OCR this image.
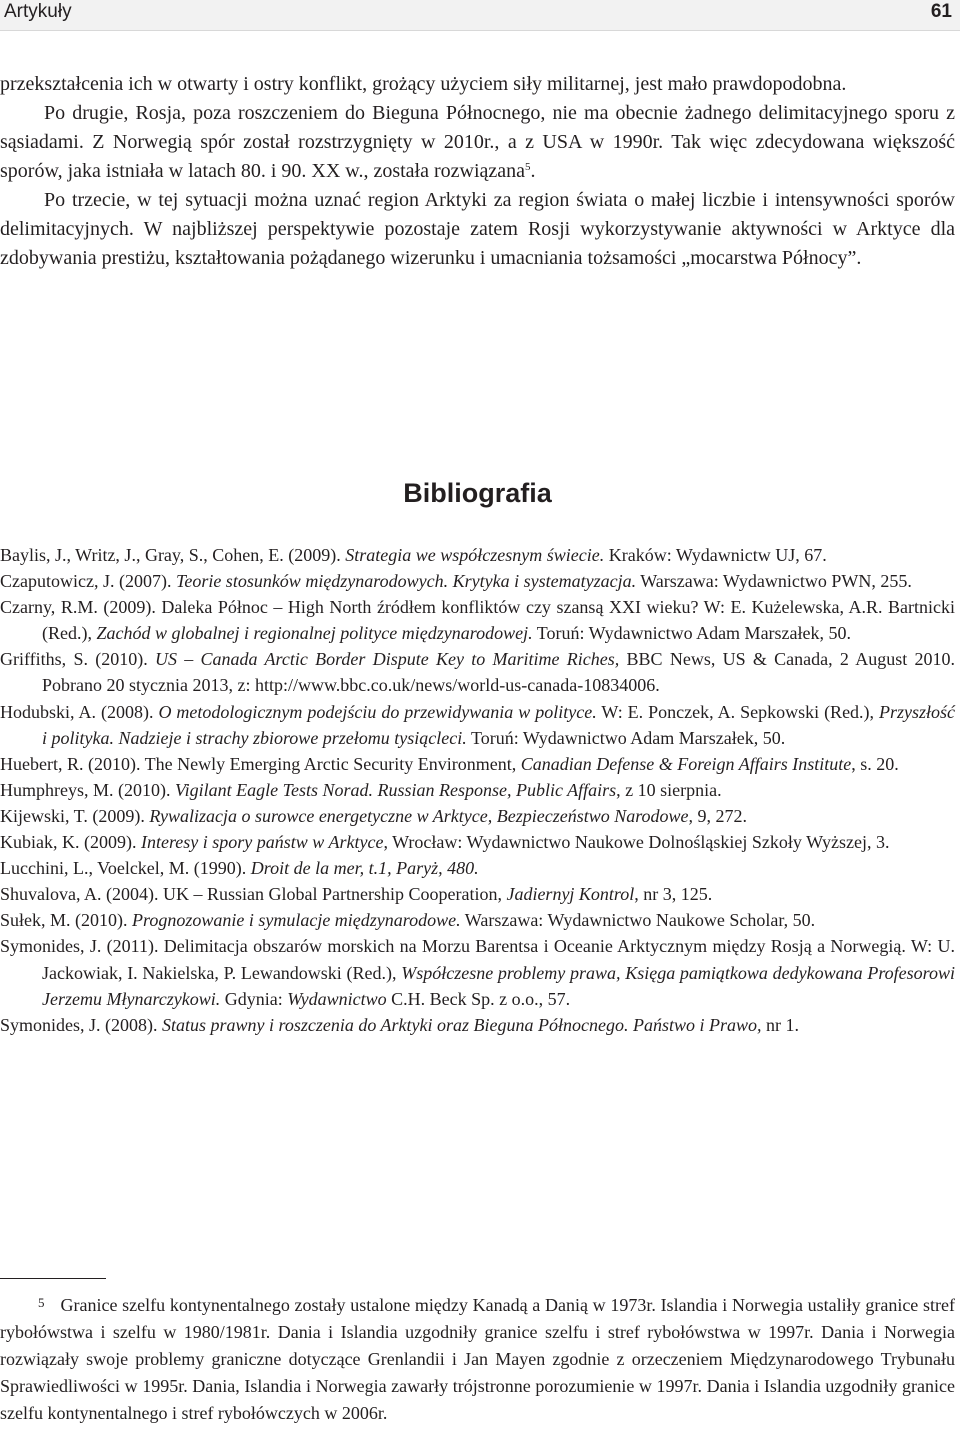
Artykuły	61

przekształcenia ich w otwarty i ostry konflikt, grożący użyciem siły militarnej, jest mało prawdopodobna.

Po drugie, Rosja, poza roszczeniem do Bieguna Północnego, nie ma obecnie żadnego delimitacyjnego sporu z sąsiadami. Z Norwegią spór został rozstrzygnięty w 2010r., a z USA w 1990r. Tak więc zdecydowana większość sporów, jaka istniała w latach 80. i 90. XX w., została rozwiązana$^5$.

Po trzecie, w tej sytuacji można uznać region Arktyki za region świata o małej liczbie i intensywności sporów delimitacyjnych. W najbliższej perspektywie pozostaje zatem Rosji wykorzystywanie aktywności w Arktyce dla zdobywania prestiżu, kształtowania pożądanego wizerunku i umacniania tożsamości „mocarstwa Północy”.

Bibliografia
Baylis, J., Writz, J., Gray, S., Cohen, E. (2009). Strategia we współczesnym świecie. Kraków: Wydawnictw UJ, 67.
Czaputowicz, J. (2007). Teorie stosunków międzynarodowych. Krytyka i systematyzacja. Warszawa: Wydawnictwo PWN, 255.
Czarny, R.M. (2009). Daleka Północ – High North źródłem konfliktów czy szansą XXI wieku? W: E. Kużelewska, A.R. Bartnicki (Red.), Zachód w globalnej i regionalnej polityce międzynarodowej. Toruń: Wydawnictwo Adam Marszałek, 50.
Griffiths, S. (2010). US – Canada Arctic Border Dispute Key to Maritime Riches, BBC News, US & Canada, 2 August 2010. Pobrano 20 stycznia 2013, z: http://www.bbc.co.uk/news/world-us-canada-10834006.
Hodubski, A. (2008). O metodologicznym podejściu do przewidywania w polityce. W: E. Ponczek, A. Sepkowski (Red.), Przyszłość i polityka. Nadzieje i strachy zbiorowe przełomu tysiącleci. Toruń: Wydawnictwo Adam Marszałek, 50.
Huebert, R. (2010). The Newly Emerging Arctic Security Environment, Canadian Defense & Foreign Affairs Institute, s. 20.
Humphreys, M. (2010). Vigilant Eagle Tests Norad. Russian Response, Public Affairs, z 10 sierpnia.
Kijewski, T. (2009). Rywalizacja o surowce energetyczne w Arktyce, Bezpieczeństwo Narodowe, 9, 272.
Kubiak, K. (2009). Interesy i spory państw w Arktyce, Wrocław: Wydawnictwo Naukowe Dolnośląskiej Szkoły Wyższej, 3.
Lucchini, L., Voelckel, M. (1990). Droit de la mer, t.1, Paryż, 480.
Shuvalova, A. (2004). UK – Russian Global Partnership Cooperation, Jadiernyj Kontrol, nr 3, 125.
Sułek, M. (2010). Prognozowanie i symulacje międzynarodowe. Warszawa: Wydawnictwo Naukowe Scholar, 50.
Symonides, J. (2011). Delimitacja obszarów morskich na Morzu Barentsa i Oceanie Arktycznym między Rosją a Norwegią. W: U. Jackowiak, I. Nakielska, P. Lewandowski (Red.), Współczesne problemy prawa, Księga pamiątkowa dedykowana Profesorowi Jerzemu Młynarczykowi. Gdynia: Wydawnictwo C.H. Beck Sp. z o.o., 57.
Symonides, J. (2008). Status prawny i roszczenia do Arktyki oraz Bieguna Północnego. Państwo i Prawo, nr 1.

$^5$ Granice szelfu kontynentalnego zostały ustalone między Kanadą a Danią w 1973r. Islandia i Norwegia ustaliły granice stref rybołówstwa i szelfu w 1980/1981r. Dania i Islandia uzgodniły granice szelfu i stref rybołówstwa w 1997r. Dania i Norwegia rozwiązały swoje problemy graniczne dotyczące Grenlandii i Jan Mayen zgodnie z orzeczeniem Międzynarodowego Trybunału Sprawiedliwości w 1995r. Dania, Islandia i Norwegia zawarły trójstronne porozumienie w 1997r. Dania i Islandia uzgodniły granice szelfu kontynentalnego i stref rybołówczych w 2006r.
